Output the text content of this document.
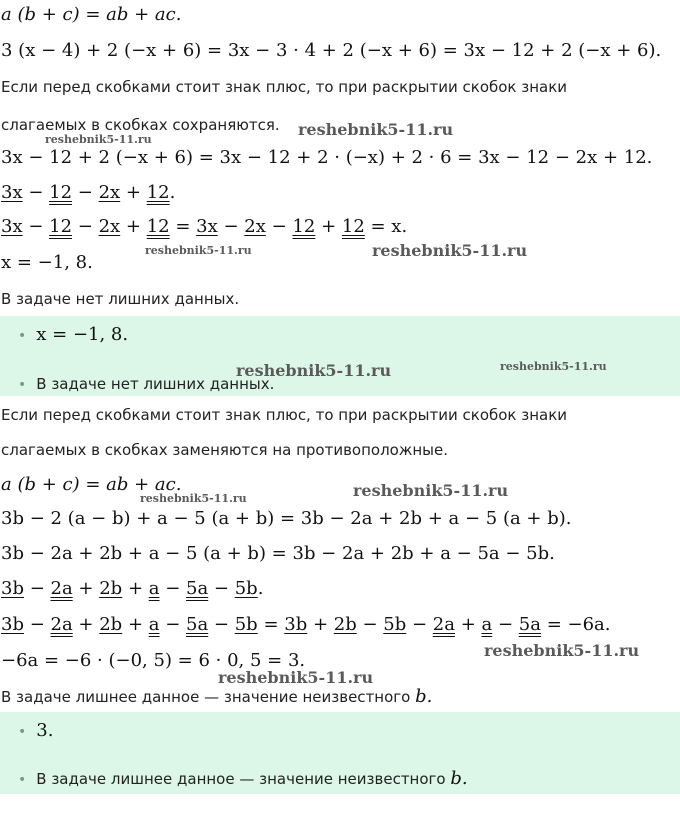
a (b + c) = ab + ac.
3 (x − 4) + 2 (−x + 6) = 3x − 3 · 4 + 2 (−x + 6) = 3x − 12 + 2 (−x + 6).
Если перед скобками стоит знак плюс, то при раскрытии скобок знаки
слагаемых в скобках сохраняются.
3x − 12 + 2 (−x + 6) = 3x − 12 + 2 · (−x) + 2 · 6 = 3x − 12 − 2x + 12.
3x − 12 − 2x + 12.
3x − 12 − 2x + 12 = 3x − 2x − 12 + 12 = x.
x = −1, 8.
В задаче нет лишних данных.
• x = −1, 8.
• В задаче нет лишних данных.
Если перед скобками стоит знак плюс, то при раскрытии скобок знаки
слагаемых в скобках заменяются на противоположные.
a (b + c) = ab + ac.
3b − 2 (a − b) + a − 5 (a + b) = 3b − 2a + 2b + a − 5 (a + b).
3b − 2a + 2b + a − 5 (a + b) = 3b − 2a + 2b + a − 5a − 5b.
3b − 2a + 2b + a − 5a − 5b.
3b − 2a + 2b + a − 5a − 5b = 3b + 2b − 5b − 2a + a − 5a = −6a.
−6a = −6 · (−0, 5) = 6 · 0, 5 = 3.
В задаче лишнее данное — значение неизвестного b.
• 3.
• В задаче лишнее данное — значение неизвестного b.
reshebnik5-11.ru
reshebnik5-11.ru
reshebnik5-11.ru	reshebnik5-11.ru
reshebnik5-11.ru	reshebnik5-11.ru
reshebnik5-11.ru
reshebnik5-11.ru
reshebnik5-11.ru
reshebnik5-11.ru
